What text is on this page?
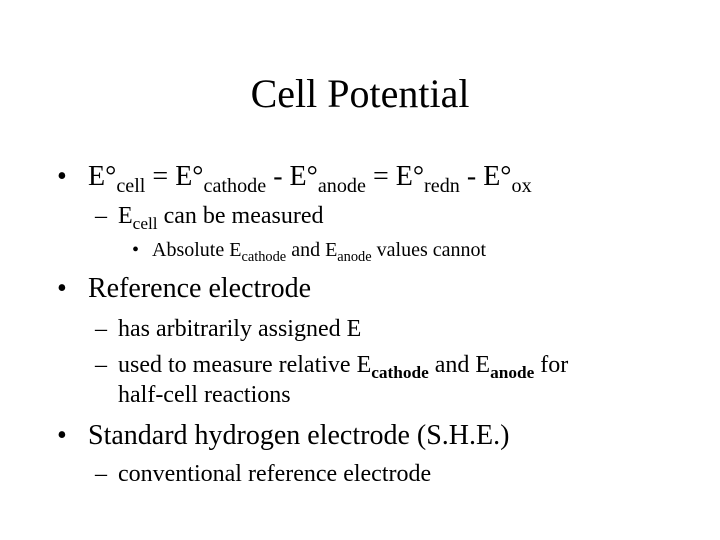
Cell Potential
• $E^\circ_{cell} = E^\circ_{cathode} - E^\circ_{anode} = E^\circ_{redn} - E^\circ_{ox}$
– $E_{cell}$ can be measured
• Absolute $E_{cathode}$ and $E_{anode}$ values cannot
• Reference electrode
– has arbitrarily assigned E
– used to measure relative $E_{cathode}$ and $E_{anode}$ for
half-cell reactions
• Standard hydrogen electrode (S.H.E.)
– conventional reference electrode
